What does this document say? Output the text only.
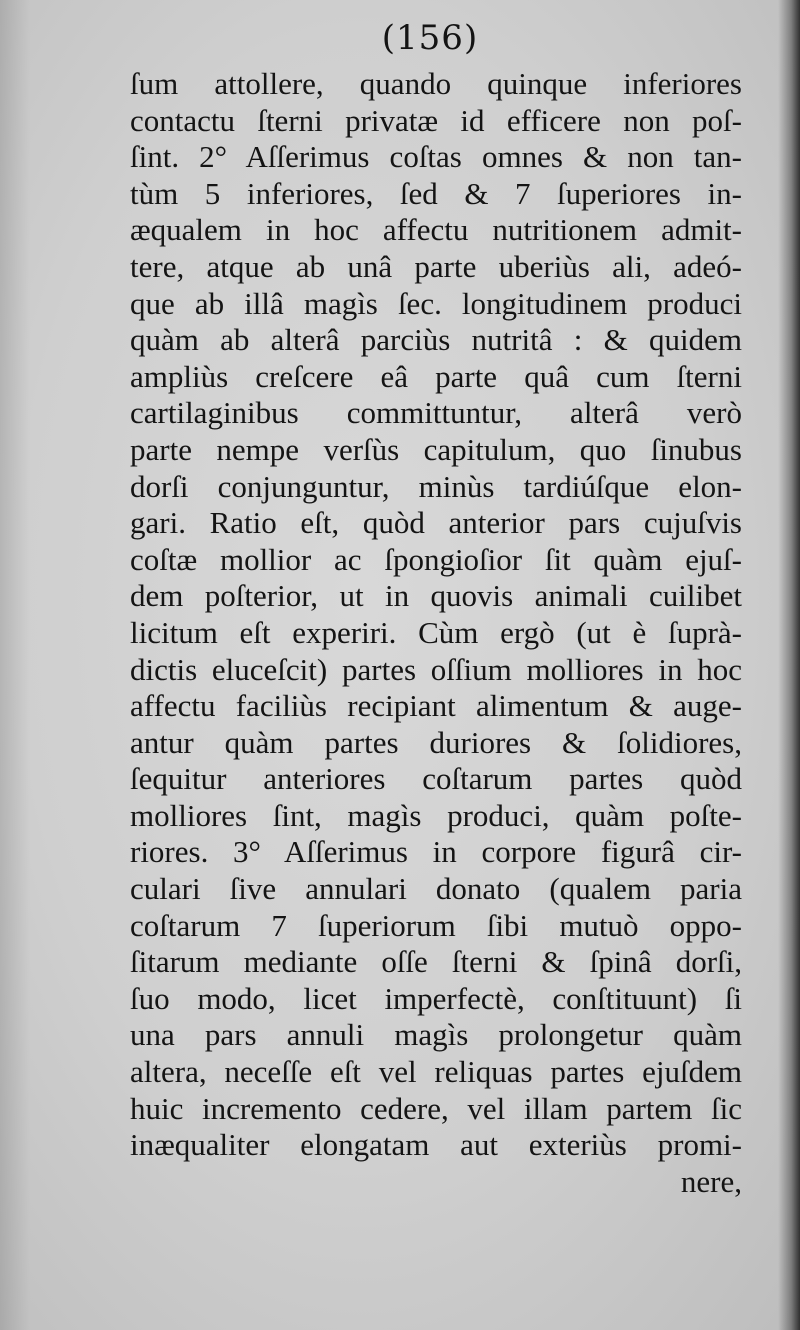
(156)
ſum attollere, quando quinque inferiores
contactu ſterni privatæ id efficere non poſ-
ſint. 2° Aſſerimus coſtas omnes & non tan-
tùm 5 inferiores, ſed & 7 ſuperiores in-
æqualem in hoc affectu nutritionem admit-
tere, atque ab unâ parte uberiùs ali, adeó-
que ab illâ magìs ſec. longitudinem produci
quàm ab alterâ parciùs nutritâ : & quidem
ampliùs creſcere eâ parte quâ cum ſterni
cartilaginibus committuntur, alterâ verò
parte nempe verſùs capitulum, quo ſinubus
dorſi conjunguntur, minùs tardiúſque elon-
gari. Ratio eſt, quòd anterior pars cujuſvis
coſtæ mollior ac ſpongioſior ſit quàm ejuſ-
dem poſterior, ut in quovis animali cuilibet
licitum eſt experiri. Cùm ergò (ut è ſuprà-
dictis eluceſcit) partes oſſium molliores in hoc
affectu faciliùs recipiant alimentum & auge-
antur quàm partes duriores & ſolidiores,
ſequitur anteriores coſtarum partes quòd
molliores ſint, magìs produci, quàm poſte-
riores. 3° Aſſerimus in corpore figurâ cir-
culari ſive annulari donato (qualem paria
coſtarum 7 ſuperiorum ſibi mutuò oppo-
ſitarum mediante oſſe ſterni & ſpinâ dorſi,
ſuo modo, licet imperfectè, conſtituunt) ſi
una pars annuli magìs prolongetur quàm
altera, neceſſe eſt vel reliquas partes ejuſdem
huic incremento cedere, vel illam partem ſic
inæqualiter elongatam aut exteriùs promi-
nere,
